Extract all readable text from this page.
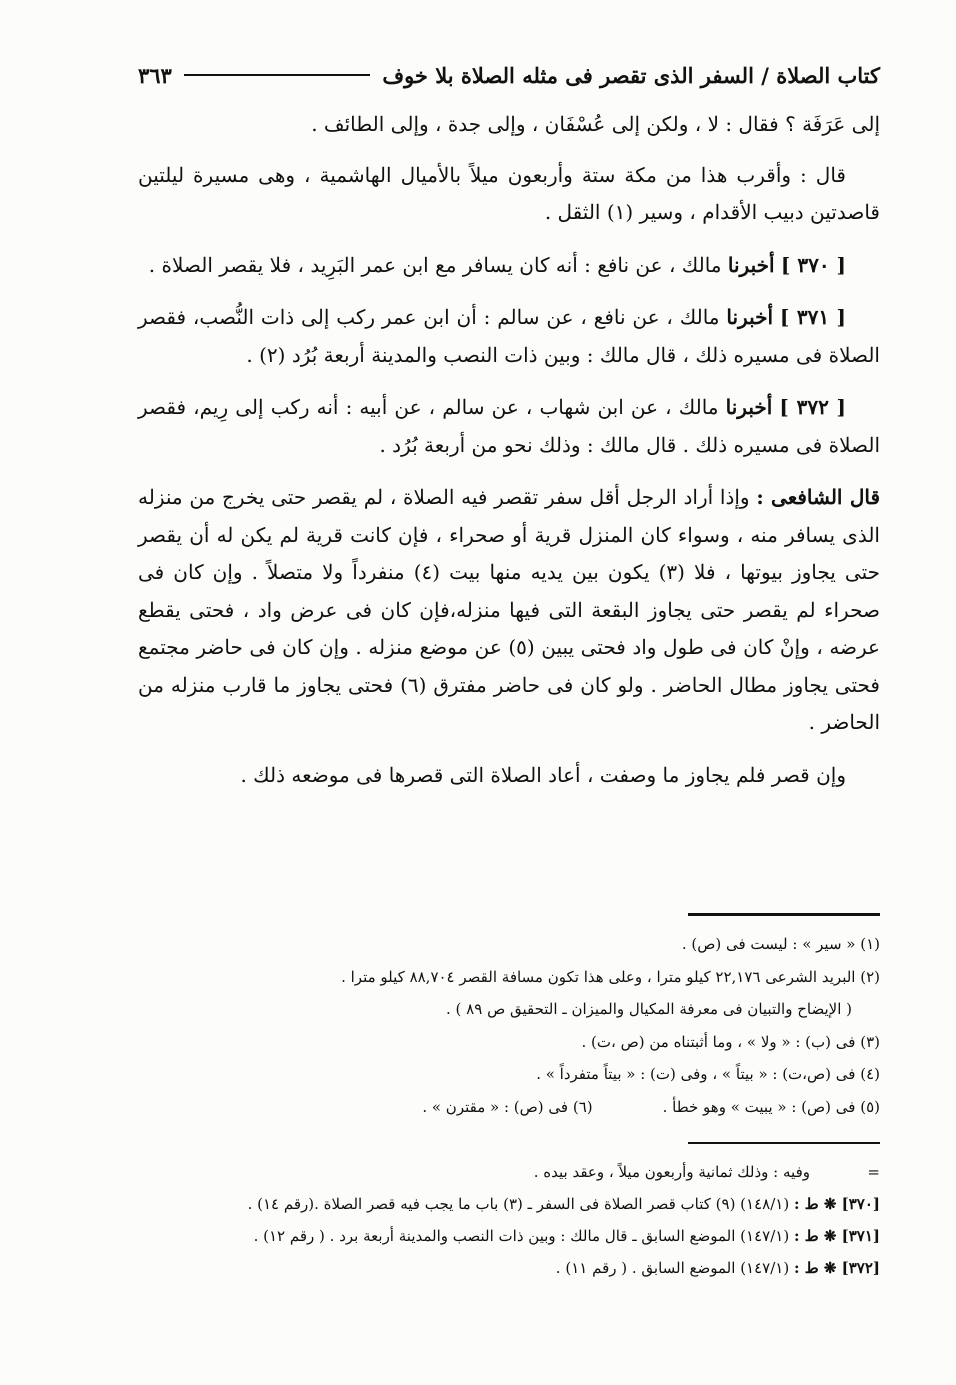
كتاب الصلاة / السفر الذى تقصر فى مثله الصلاة بلا خوف
٣٦٣

إلى عَرَفَة ؟ فقال : لا ، ولكن إلى عُسْفَان ، وإلى جدة ، وإلى الطائف .

قال : وأقرب هذا من مكة ستة وأربعون ميلاً بالأميال الهاشمية ، وهى مسيرة ليلتين قاصدتين دبيب الأقدام ، وسير (١) الثقل .

[ ٣٧٠ ] أخبرنا مالك ، عن نافع : أنه كان يسافر مع ابن عمر البَرِيد ، فلا يقصر الصلاة .

[ ٣٧١ ] أخبرنا مالك ، عن نافع ، عن سالم : أن ابن عمر ركب إلى ذات النُّصب، فقصر الصلاة فى مسيره ذلك ، قال مالك : وبين ذات النصب والمدينة أربعة بُرُد (٢) .

[ ٣٧٢ ] أخبرنا مالك ، عن ابن شهاب ، عن سالم ، عن أبيه : أنه ركب إلى رِيم، فقصر الصلاة فى مسيره ذلك . قال مالك : وذلك نحو من أربعة بُرُد .

قال الشافعى : وإذا أراد الرجل أقل سفر تقصر فيه الصلاة ، لم يقصر حتى يخرج من منزله الذى يسافر منه ، وسواء كان المنزل قرية أو صحراء ، فإن كانت قرية لم يكن له أن يقصر حتى يجاوز بيوتها ، فلا (٣) يكون بين يديه منها بيت (٤) منفرداً ولا متصلاً . وإن كان فى صحراء لم يقصر حتى يجاوز البقعة التى فيها منزله،فإن كان فى عرض واد ، فحتى يقطع عرضه ، وإنْ كان فى طول واد فحتى يبين (٥) عن موضع منزله . وإن كان فى حاضر مجتمع فحتى يجاوز مطال الحاضر . ولو كان فى حاضر مفترق (٦) فحتى يجاوز ما قارب منزله من الحاضر .

وإن قصر فلم يجاوز ما وصفت ، أعاد الصلاة التى قصرها فى موضعه ذلك .

(١) « سير » : ليست فى (ص) .
(٢) البريد الشرعى ٢٢,١٧٦ كيلو مترا ، وعلى هذا تكون مسافة القصر ٨٨,٧٠٤ كيلو مترا .
( الإيضاح والتبيان فى معرفة المكيال والميزان ـ التحقيق ص ٨٩ ) .
(٣) فى (ب) : « ولا » ، وما أثبتناه من (ص ،ت) .
(٤) فى (ص،ت) : « بيتاً » ، وفى (ت) : « بيتاً متفرداً » .
(٥) فى (ص) : « يبيت » وهو خطأ .
(٦) فى (ص) : « مقترن » .
=وفيه : وذلك ثمانية وأربعون ميلاً ، وعقد بيده .
[٣٧٠] ❋ ط : (١٤٨/١) (٩) كتاب قصر الصلاة فى السفر ـ (٣) باب ما يجب فيه قصر الصلاة .(رقم ١٤) .
[٣٧١] ❋ ط : (١٤٧/١) الموضع السابق ـ قال مالك : وبين ذات النصب والمدينة أربعة برد . ( رقم ١٢) .
[٣٧٢] ❋ ط : (١٤٧/١) الموضع السابق . ( رقم ١١) .
